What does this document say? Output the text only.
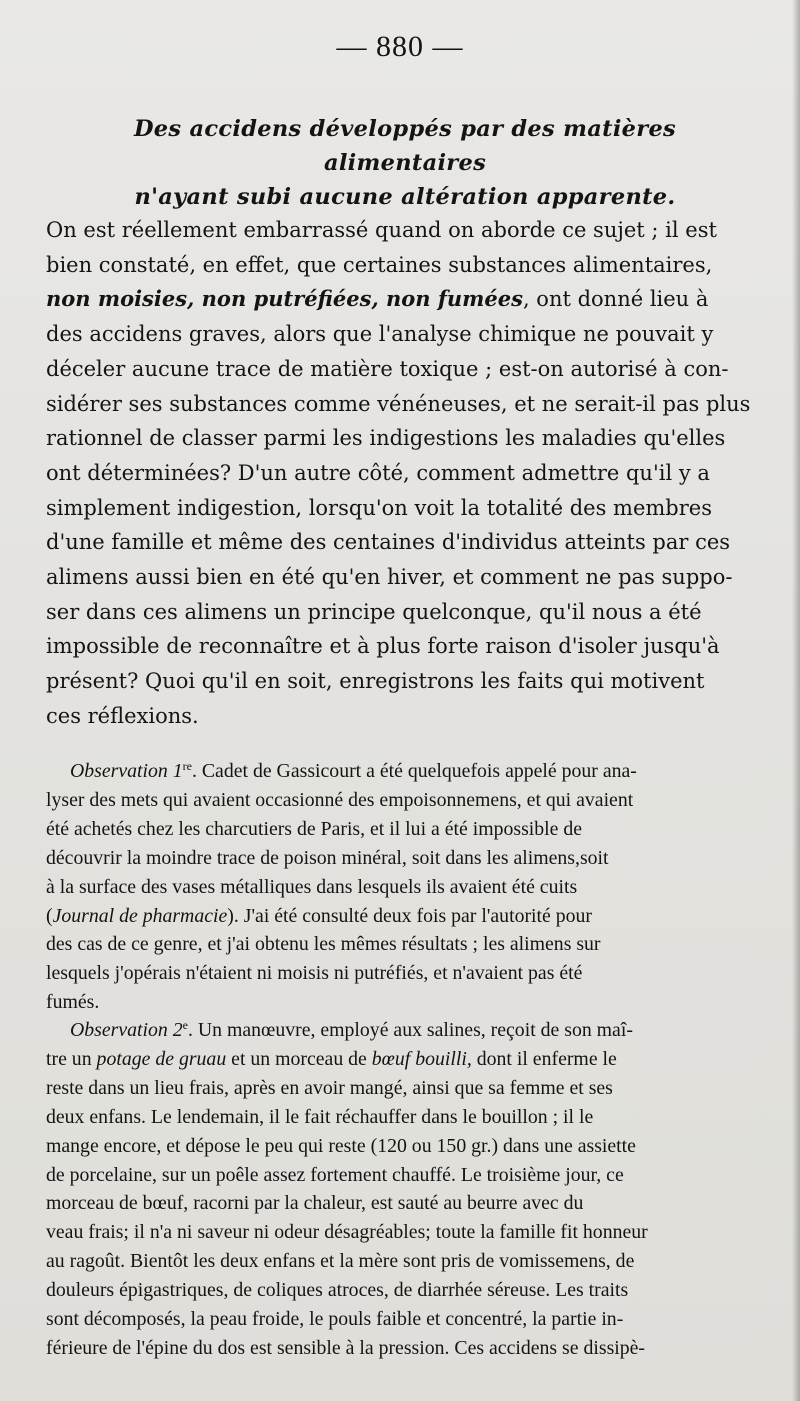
— 880 —
Des accidens développés par des matières alimentaires
n'ayant subi aucune altération apparente.
On est réellement embarrassé quand on aborde ce sujet ; il est
bien constaté, en effet, que certaines substances alimentaires,
non moisies, non putréfiées, non fumées, ont donné lieu à
des accidens graves, alors que l'analyse chimique ne pouvait y
déceler aucune trace de matière toxique ; est-on autorisé à con-
sidérer ses substances comme vénéneuses, et ne serait-il pas plus
rationnel de classer parmi les indigestions les maladies qu'elles
ont déterminées? D'un autre côté, comment admettre qu'il y a
simplement indigestion, lorsqu'on voit la totalité des membres
d'une famille et même des centaines d'individus atteints par ces
alimens aussi bien en été qu'en hiver, et comment ne pas suppo-
ser dans ces alimens un principe quelconque, qu'il nous a été
impossible de reconnaître et à plus forte raison d'isoler jusqu'à
présent? Quoi qu'il en soit, enregistrons les faits qui motivent
ces réflexions.
Observation 1re. Cadet de Gassicourt a été quelquefois appelé pour ana-
lyser des mets qui avaient occasionné des empoisonnemens, et qui avaient
été achetés chez les charcutiers de Paris, et il lui a été impossible de
découvrir la moindre trace de poison minéral, soit dans les alimens,soit
à la surface des vases métalliques dans lesquels ils avaient été cuits
(Journal de pharmacie). J'ai été consulté deux fois par l'autorité pour
des cas de ce genre, et j'ai obtenu les mêmes résultats ; les alimens sur
lesquels j'opérais n'étaient ni moisis ni putréfiés, et n'avaient pas été
fumés.
Observation 2e. Un manœuvre, employé aux salines, reçoit de son maî-
tre un potage de gruau et un morceau de bœuf bouilli, dont il enferme le
reste dans un lieu frais, après en avoir mangé, ainsi que sa femme et ses
deux enfans. Le lendemain, il le fait réchauffer dans le bouillon ; il le
mange encore, et dépose le peu qui reste (120 ou 150 gr.) dans une assiette
de porcelaine, sur un poêle assez fortement chauffé. Le troisième jour, ce
morceau de bœuf, racorni par la chaleur, est sauté au beurre avec du
veau frais; il n'a ni saveur ni odeur désagréables; toute la famille fit honneur
au ragoût. Bientôt les deux enfans et la mère sont pris de vomissemens, de
douleurs épigastriques, de coliques atroces, de diarrhée séreuse. Les traits
sont décomposés, la peau froide, le pouls faible et concentré, la partie in-
férieure de l'épine du dos est sensible à la pression. Ces accidens se dissipè-
